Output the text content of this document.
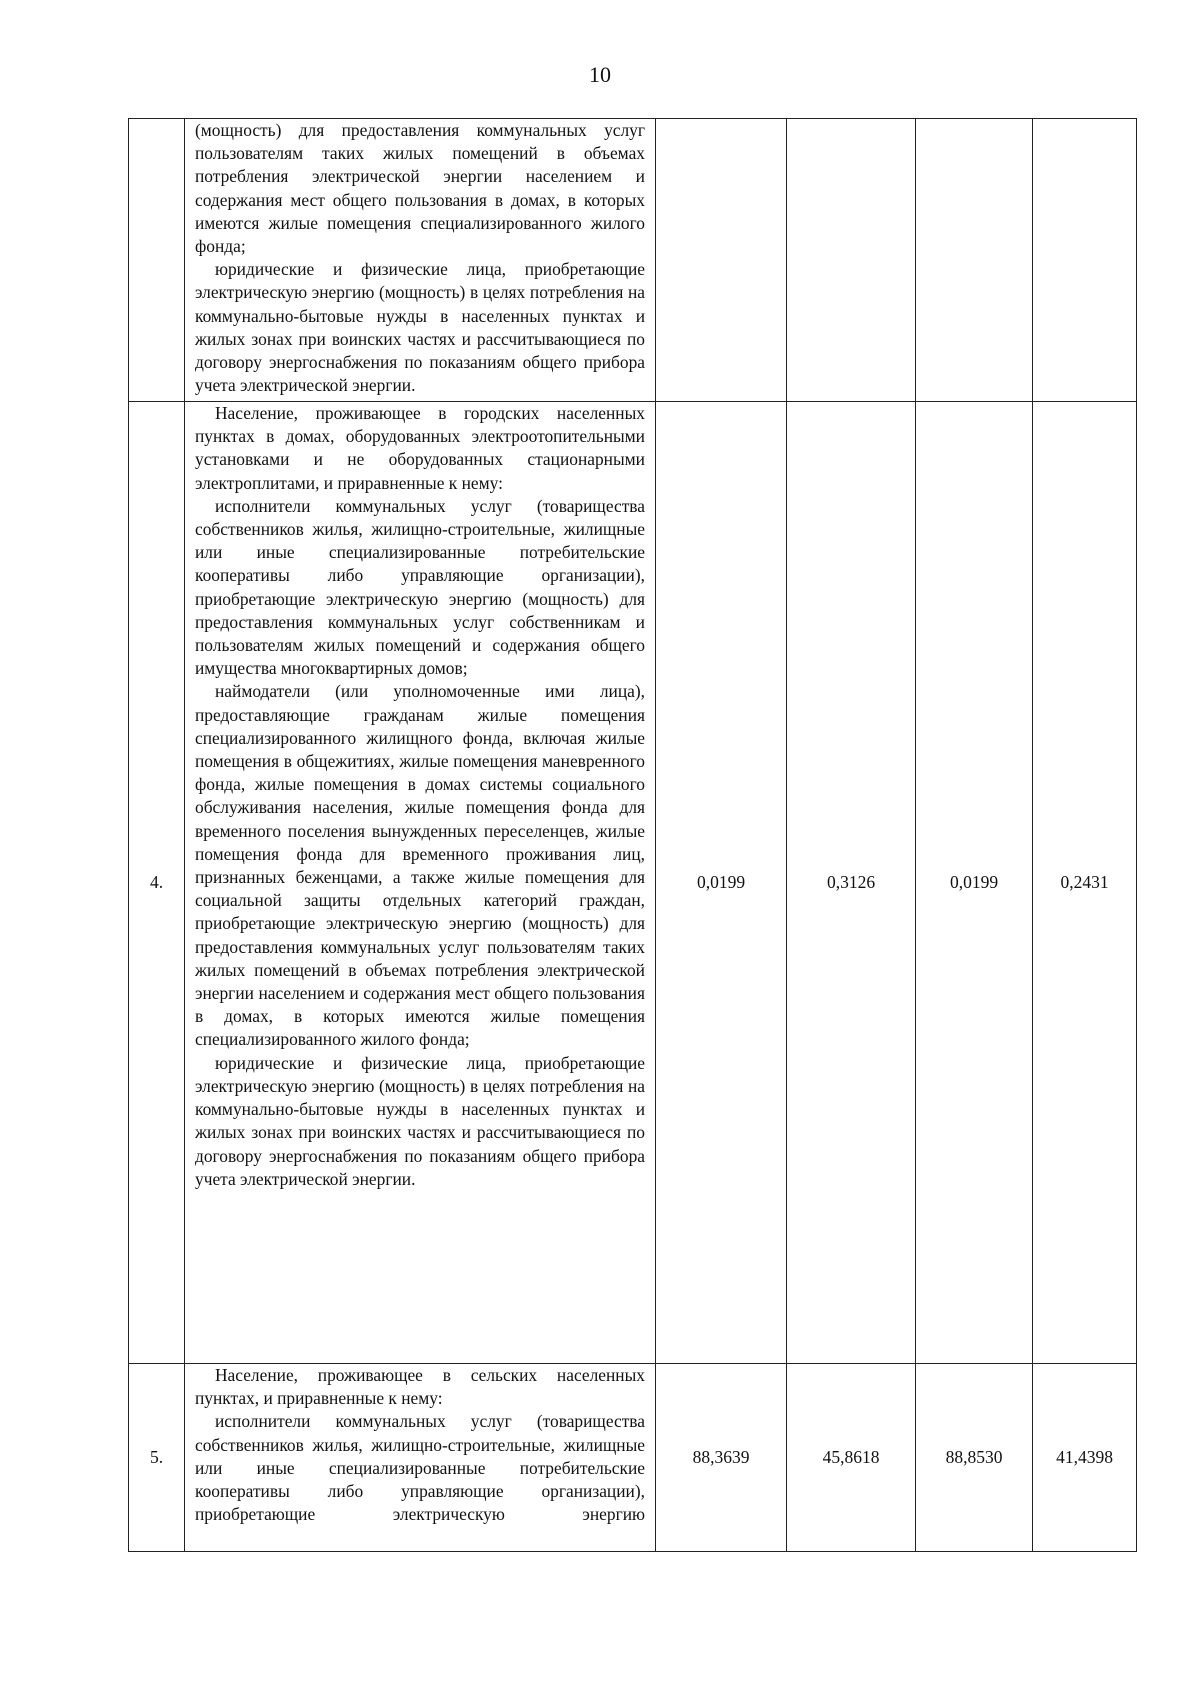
10

	(мощность) для предоставления коммунальных услуг пользователям таких жилых помещений в объемах потребления электрической энергии населением и содержания мест общего пользования в домах, в которых имеются жилые помещения специализированного жилого фонда;

юридические и физические лица, приобретающие электрическую энергию (мощность) в целях потребления на коммунально-бытовые нужды в населенных пунктах и жилых зонах при воинских частях и рассчитывающиеся по договору энергоснабжения по показаниям общего прибора учета электрической энергии.				

4.	Население, проживающее в городских населенных пунктах в домах, оборудованных электроотопительными установками и не оборудованных стационарными электроплитами, и приравненные к нему:

исполнители коммунальных услуг (товарищества собственников жилья, жилищно-строительные, жилищные или иные специализированные потребительские кооперативы либо управляющие организации), приобретающие электрическую энергию (мощность) для предоставления коммунальных услуг собственникам и пользователям жилых помещений и содержания общего имущества многоквартирных домов;

наймодатели (или уполномоченные ими лица), предоставляющие гражданам жилые помещения специализированного жилищного фонда, включая жилые помещения в общежитиях, жилые помещения маневренного фонда, жилые помещения в домах системы социального обслуживания населения, жилые помещения фонда для временного поселения вынужденных переселенцев, жилые помещения фонда для временного проживания лиц, признанных беженцами, а также жилые помещения для социальной защиты отдельных категорий граждан, приобретающие электрическую энергию (мощность) для предоставления коммунальных услуг пользователям таких жилых помещений в объемах потребления электрической энергии населением и содержания мест общего пользования в домах, в которых имеются жилые помещения специализированного жилого фонда;

юридические и физические лица, приобретающие электрическую энергию (мощность) в целях потребления на коммунально-бытовые нужды в населенных пунктах и жилых зонах при воинских частях и рассчитывающиеся по договору энергоснабжения по показаниям общего прибора учета электрической энергии.	0,0199	0,3126	0,0199	0,2431
5.	Население, проживающее в сельских населенных пунктах, и приравненные к нему:

исполнители коммунальных услуг (товарищества собственников жилья, жилищно-строительные, жилищные или иные специализированные потребительские кооперативы либо управляющие организации), приобретающие электрическую энергию	88,3639	45,8618	88,8530	41,4398
